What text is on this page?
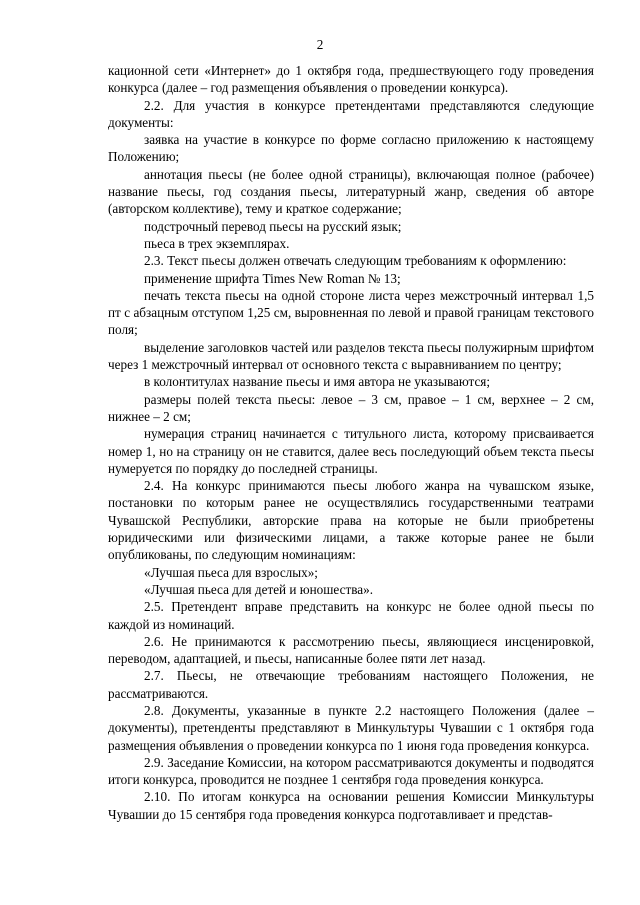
2

кационной сети «Интернет» до 1 октября года, предшествующего году проведения конкурса (далее – год размещения объявления о проведении конкурса).

2.2. Для участия в конкурсе претендентами представляются следующие документы:

заявка на участие в конкурсе по форме согласно приложению к настоящему Положению;

аннотация пьесы (не более одной страницы), включающая полное (рабочее) название пьесы, год создания пьесы, литературный жанр, сведения об авторе (авторском коллективе), тему и краткое содержание;

подстрочный перевод пьесы на русский язык;

пьеса в трех экземплярах.

2.3. Текст пьесы должен отвечать следующим требованиям к оформлению:

применение шрифта Times New Roman № 13;

печать текста пьесы на одной стороне листа через межстрочный интервал 1,5 пт с абзацным отступом 1,25 см, выровненная по левой и правой границам текстового поля;

выделение заголовков частей или разделов текста пьесы полужирным шрифтом через 1 межстрочный интервал от основного текста с выравниванием по центру;

в колонтитулах название пьесы и имя автора не указываются;

размеры полей текста пьесы: левое – 3 см, правое – 1 см, верхнее – 2 см, нижнее – 2 см;

нумерация страниц начинается с титульного листа, которому присваивается номер 1, но на страницу он не ставится, далее весь последующий объем текста пьесы нумеруется по порядку до последней страницы.

2.4. На конкурс принимаются пьесы любого жанра на чувашском языке, постановки по которым ранее не осуществлялись государственными театрами Чувашской Республики, авторские права на которые не были приобретены юридическими или физическими лицами, а также которые ранее не были опубликованы, по следующим номинациям:

«Лучшая пьеса для взрослых»;

«Лучшая пьеса для детей и юношества».

2.5. Претендент вправе представить на конкурс не более одной пьесы по каждой из номинаций.

2.6. Не принимаются к рассмотрению пьесы, являющиеся инсценировкой, переводом, адаптацией, и пьесы, написанные более пяти лет назад.

2.7. Пьесы, не отвечающие требованиям настоящего Положения, не рассматриваются.

2.8. Документы, указанные в пункте 2.2 настоящего Положения (далее – документы), претенденты представляют в Минкультуры Чувашии с 1 октября года размещения объявления о проведении конкурса по 1 июня года проведения конкурса.

2.9. Заседание Комиссии, на котором рассматриваются документы и подводятся итоги конкурса, проводится не позднее 1 сентября года проведения конкурса.

2.10. По итогам конкурса на основании решения Комиссии Минкультуры Чувашии до 15 сентября года проведения конкурса подготавливает и представ-
